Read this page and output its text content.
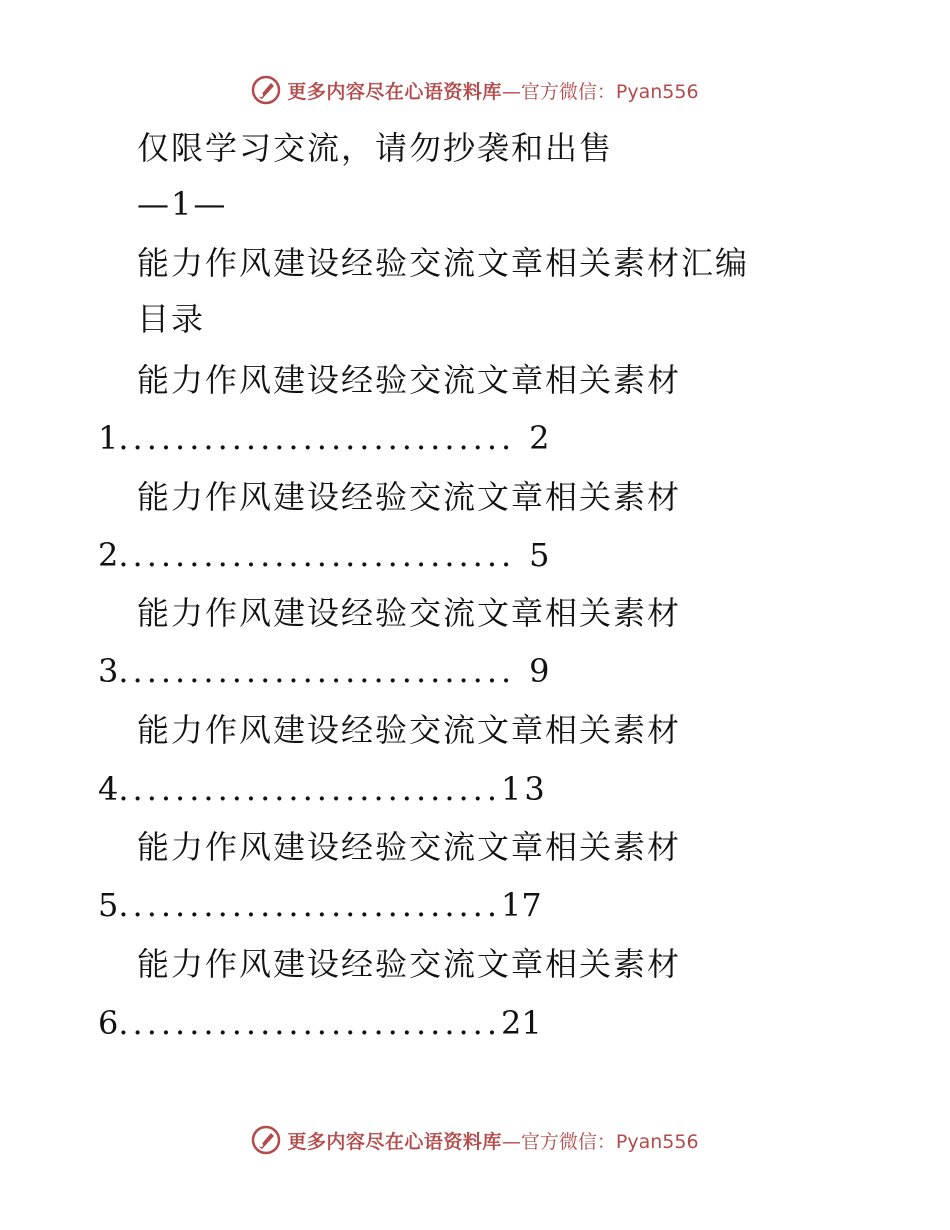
更多内容尽在心语资料库 —官方微信：Pyan556
仅限学习交流，请勿抄袭和出售
—1—
能力作风建设经验交流文章相关素材汇编
目录
能力作风建设经验交流文章相关素材
1............................ 2
能力作风建设经验交流文章相关素材
2............................ 5
能力作风建设经验交流文章相关素材
3............................ 9
能力作风建设经验交流文章相关素材
4...........................13
能力作风建设经验交流文章相关素材
5...........................17
能力作风建设经验交流文章相关素材
6...........................21
更多内容尽在心语资料库 —官方微信：Pyan556
